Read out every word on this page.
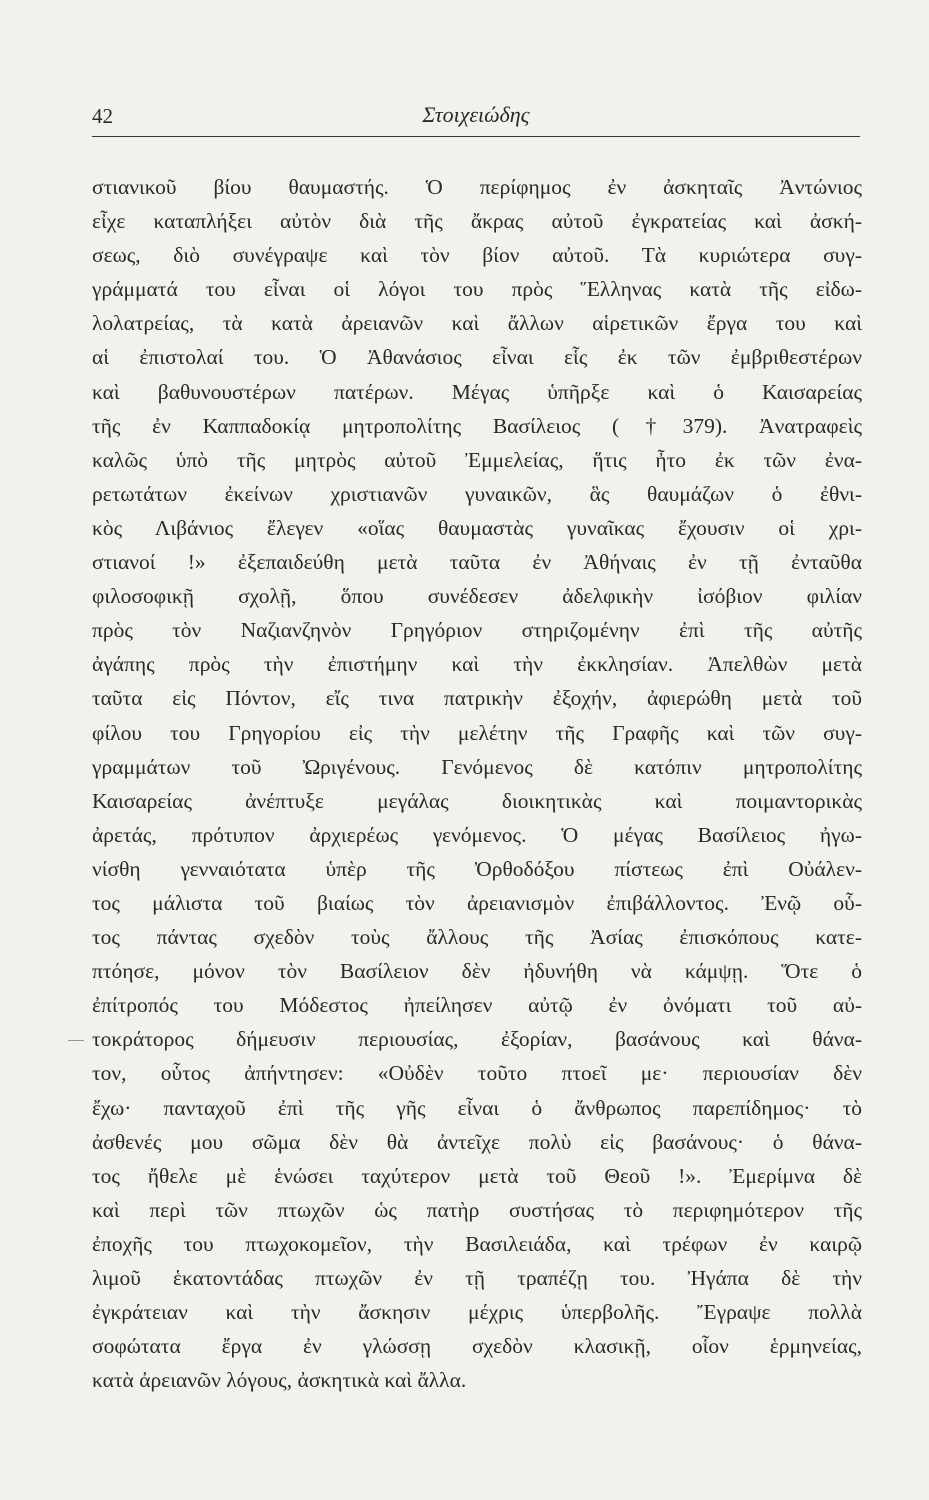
42	Στοιχειώδης
στιανικοῦ βίου θαυμαστής. Ὁ περίφημος ἐν ἀσκηταῖς Ἀντώνιος
εἶχε καταπλήξει αὐτὸν διὰ τῆς ἄκρας αὐτοῦ ἐγκρατείας καὶ ἀσκή-
σεως, διὸ συνέγραψε καὶ τὸν βίον αὐτοῦ. Τὰ κυριώτερα συγ-
γράμματά του εἶναι οἱ λόγοι του πρὸς Ἕλληνας κατὰ τῆς εἰδω-
λολατρείας, τὰ κατὰ ἀρειανῶν καὶ ἄλλων αἱρετικῶν ἔργα του καὶ
αἱ ἐπιστολαί του. Ὁ Ἀθανάσιος εἶναι εἷς ἐκ τῶν ἐμβριθεστέρων
καὶ βαθυνουστέρων πατέρων. Μέγας ὑπῆρξε καὶ ὁ Καισαρείας
τῆς ἐν Καππαδοκίᾳ μητροπολίτης Βασίλειος (†379). Ἀνατραφεὶς
καλῶς ὑπὸ τῆς μητρὸς αὐτοῦ Ἐμμελείας, ἥτις ἦτο ἐκ τῶν ἐνα-
ρετωτάτων ἐκείνων χριστιανῶν γυναικῶν, ἃς θαυμάζων ὁ ἐθνι-
κὸς Λιβάνιος ἔλεγεν «οἵας θαυμαστὰς γυναῖκας ἔχουσιν οἱ χρι-
στιανοί !» ἐξεπαιδεύθη μετὰ ταῦτα ἐν Ἀθήναις ἐν τῇ ἐνταῦθα
φιλοσοφικῇ σχολῇ, ὅπου συνέδεσεν ἀδελφικὴν ἰσόβιον φιλίαν
πρὸς τὸν Ναζιανζηνὸν Γρηγόριον στηριζομένην ἐπὶ τῆς αὐτῆς
ἀγάπης πρὸς τὴν ἐπιστήμην καὶ τὴν ἐκκλησίαν. Ἀπελθὼν μετὰ
ταῦτα εἰς Πόντον, εἴς τινα πατρικὴν ἐξοχήν, ἀφιερώθη μετὰ τοῦ
φίλου του Γρηγορίου εἰς τὴν μελέτην τῆς Γραφῆς καὶ τῶν συγ-
γραμμάτων τοῦ Ὠριγένους. Γενόμενος δὲ κατόπιν μητροπολίτης
Καισαρείας ἀνέπτυξε μεγάλας διοικητικὰς καὶ ποιμαντορικὰς
ἀρετάς, πρότυπον ἀρχιερέως γενόμενος. Ὁ μέγας Βασίλειος ἠγω-
νίσθη γενναιότατα ὑπὲρ τῆς Ὀρθοδόξου πίστεως ἐπὶ Οὐάλεν-
τος μάλιστα τοῦ βιαίως τὸν ἀρειανισμὸν ἐπιβάλλοντος. Ἐνῷ οὗ-
τος πάντας σχεδὸν τοὺς ἄλλους τῆς Ἀσίας ἐπισκόπους κατε-
πτόησε, μόνον τὸν Βασίλειον δὲν ἠδυνήθη νὰ κάμψῃ. Ὅτε ὁ
ἐπίτροπός του Μόδεστος ἠπείλησεν αὐτῷ ἐν ὀνόματι τοῦ αὐ-
τοκράτορος δήμευσιν περιουσίας, ἐξορίαν, βασάνους καὶ θάνα-
τον, οὗτος ἀπήντησεν: «Οὐδὲν τοῦτο πτοεῖ με· περιουσίαν δὲν
ἔχω· πανταχοῦ ἐπὶ τῆς γῆς εἶναι ὁ ἄνθρωπος παρεπίδημος· τὸ
ἀσθενές μου σῶμα δὲν θὰ ἀντεῖχε πολὺ εἰς βασάνους· ὁ θάνα-
τος ἤθελε μὲ ἑνώσει ταχύτερον μετὰ τοῦ Θεοῦ !». Ἐμερίμνα δὲ
καὶ περὶ τῶν πτωχῶν ὡς πατὴρ συστήσας τὸ περιφημότερον τῆς
ἐποχῆς του πτωχοκομεῖον, τὴν Βασιλειάδα, καὶ τρέφων ἐν καιρῷ
λιμοῦ ἑκατοντάδας πτωχῶν ἐν τῇ τραπέζῃ του. Ἠγάπα δὲ τὴν
ἐγκράτειαν καὶ τὴν ἄσκησιν μέχρις ὑπερβολῆς. Ἔγραψε πολλὰ
σοφώτατα ἔργα ἐν γλώσσῃ σχεδὸν κλασικῇ, οἷον ἑρμηνείας,
κατὰ ἀρειανῶν λόγους, ἀσκητικὰ καὶ ἄλλα.
